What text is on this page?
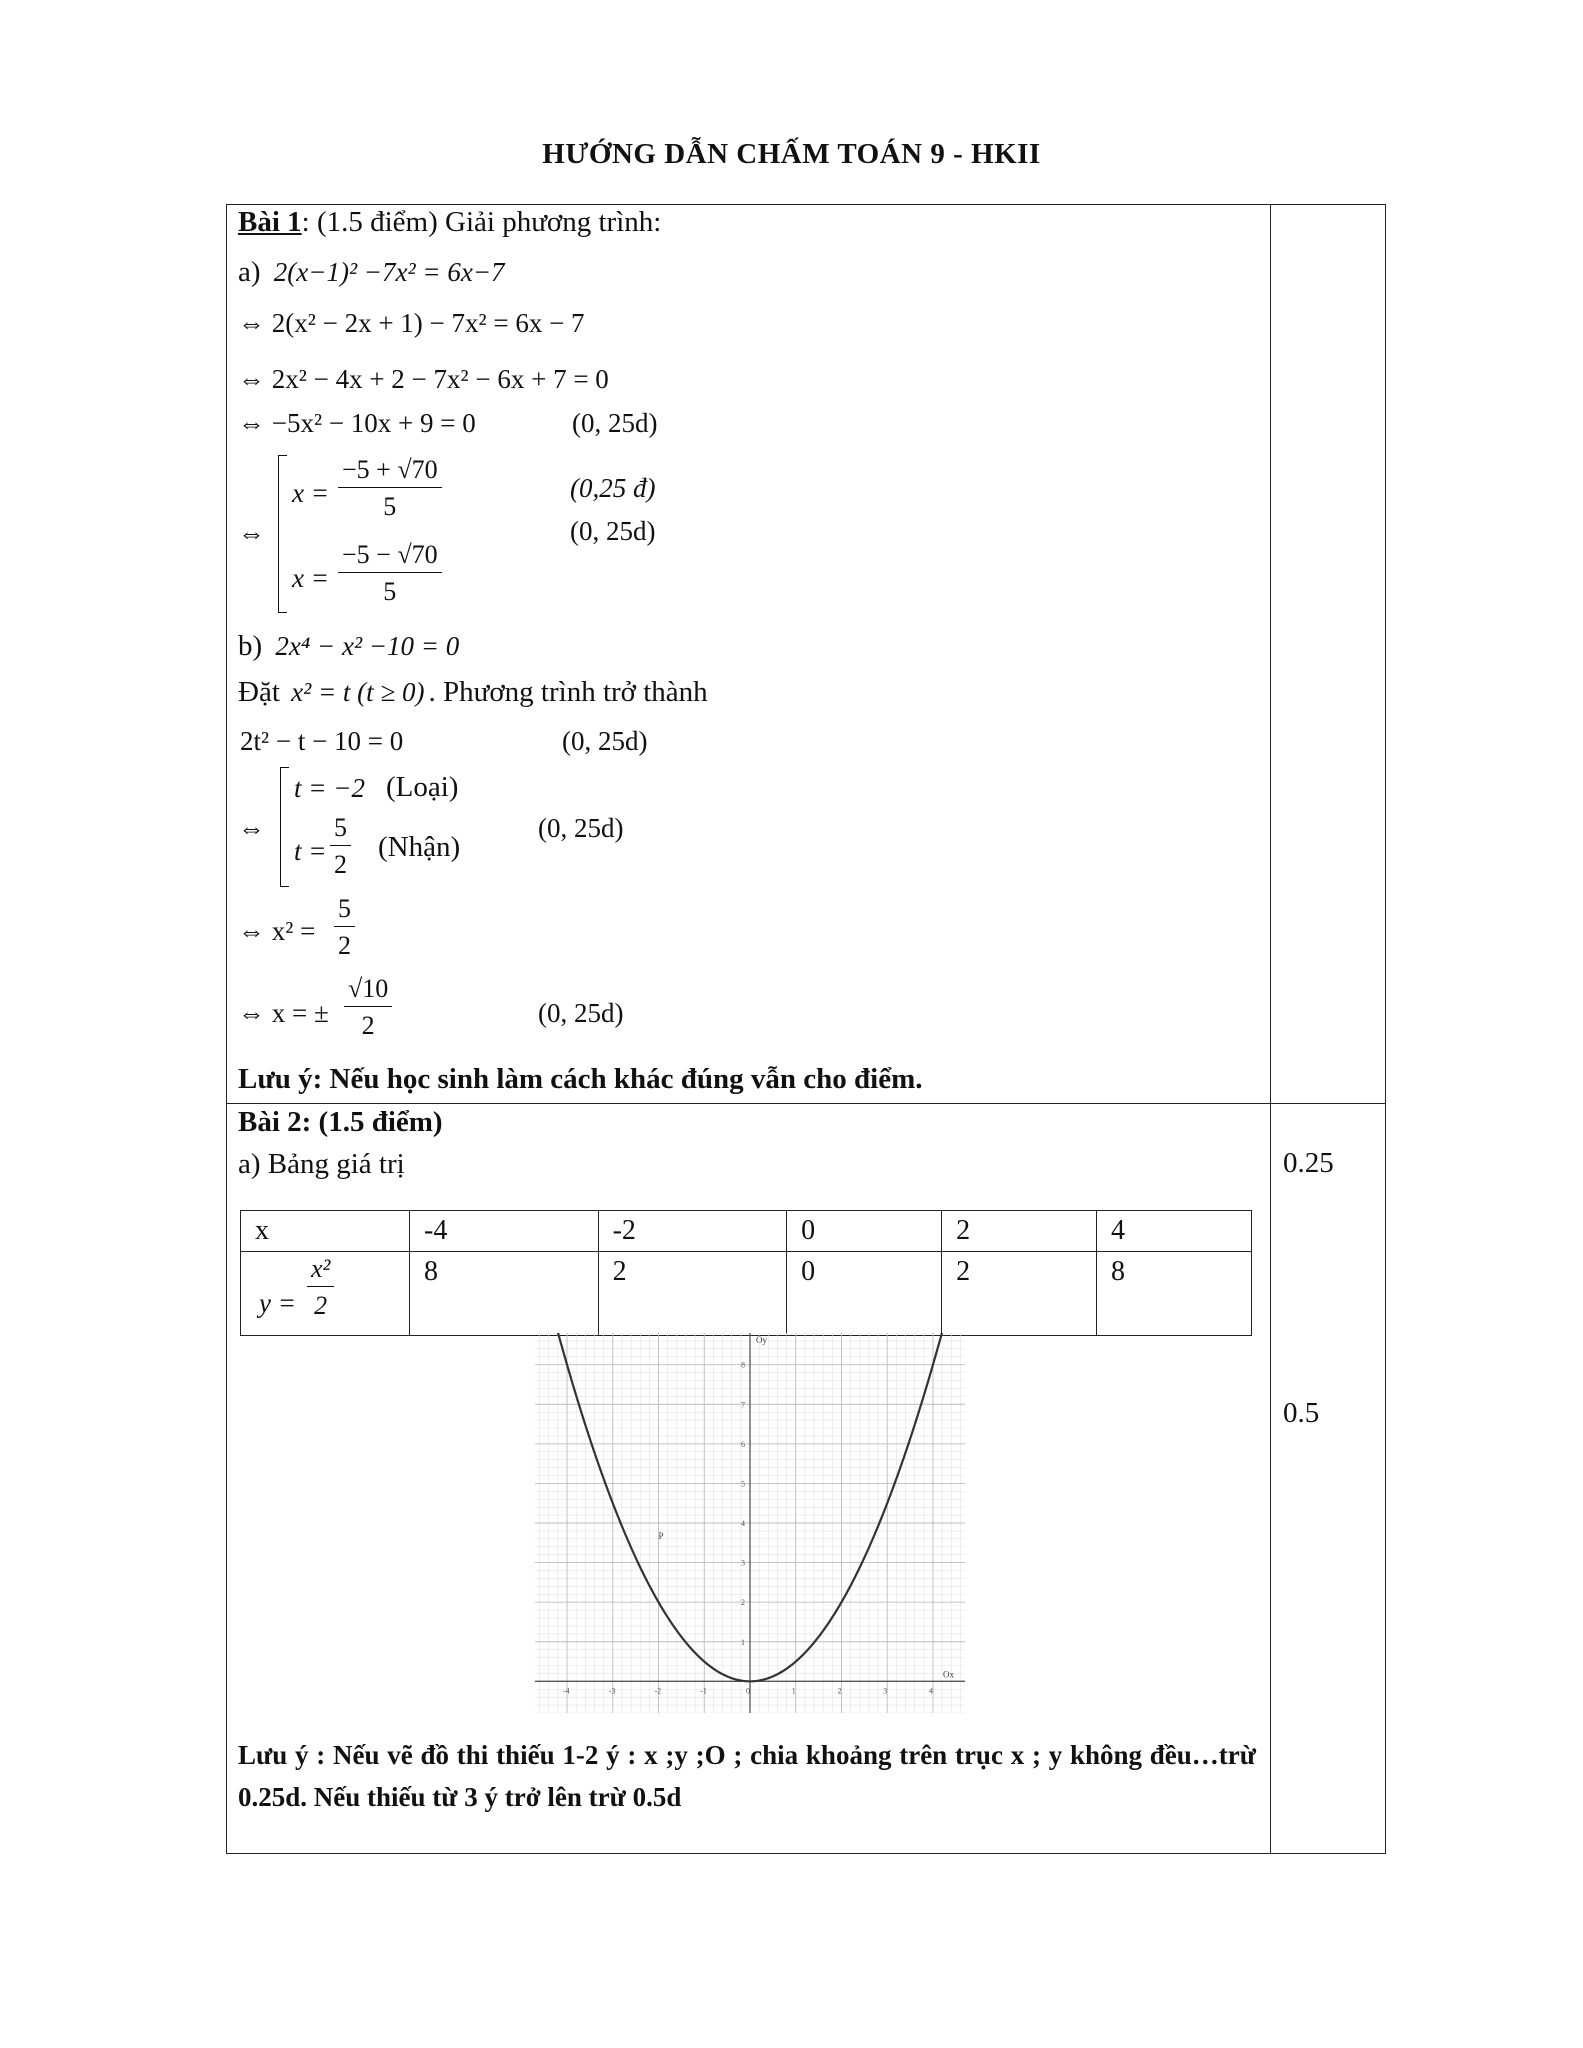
HƯỚNG DẪN CHẤM TOÁN 9 - HKII
Bài 1: (1.5 điểm) Giải phương trình:
a) 2(x−1)² −7x² = 6x−7
⇔ 2(x² − 2x + 1) − 7x² = 6x − 7
⇔ 2x² − 4x + 2 − 7x² − 6x + 7 = 0
⇔ −5x² − 10x + 9 = 0	(0, 25d)
⇔
$x = \frac{-5 + √70}{5}$
$x = \frac{-5 - √70}{5}$
(0,25 đ)
(0, 25d)
b) 2x⁴ − x² −10 = 0
Đặt x² = t (t ≥ 0) . Phương trình trở thành
2t² − t − 10 = 0	(0, 25d)
⇔
t = −2 (Loại)
$t = \frac{5}{2}$ (Nhận)
(0, 25d)
⇔ $x^2 = \frac{5}{2}$
⇔ x = ± $\frac{√10}{2}$	(0, 25d)
Lưu ý: Nếu học sinh làm cách khác đúng vẫn cho điểm.
Bài 2: (1.5 điểm)
a) Bảng giá trị	0.25
0.5
x	-4	-2	0	2	4

$y = \frac{\text{x²}}{2}$	8	2	0	2	8
-4	-3	-2	-1	0	1	2	3	4
1
2
3
4
5
6
7
8
Oy
Ox
P
Lưu ý : Nếu vẽ đồ thi thiếu 1-2 ý : x ;y ;O ; chia khoảng trên trục x ; y không đều…trừ 0.25d. Nếu thiếu từ 3 ý trở lên trừ 0.5d
